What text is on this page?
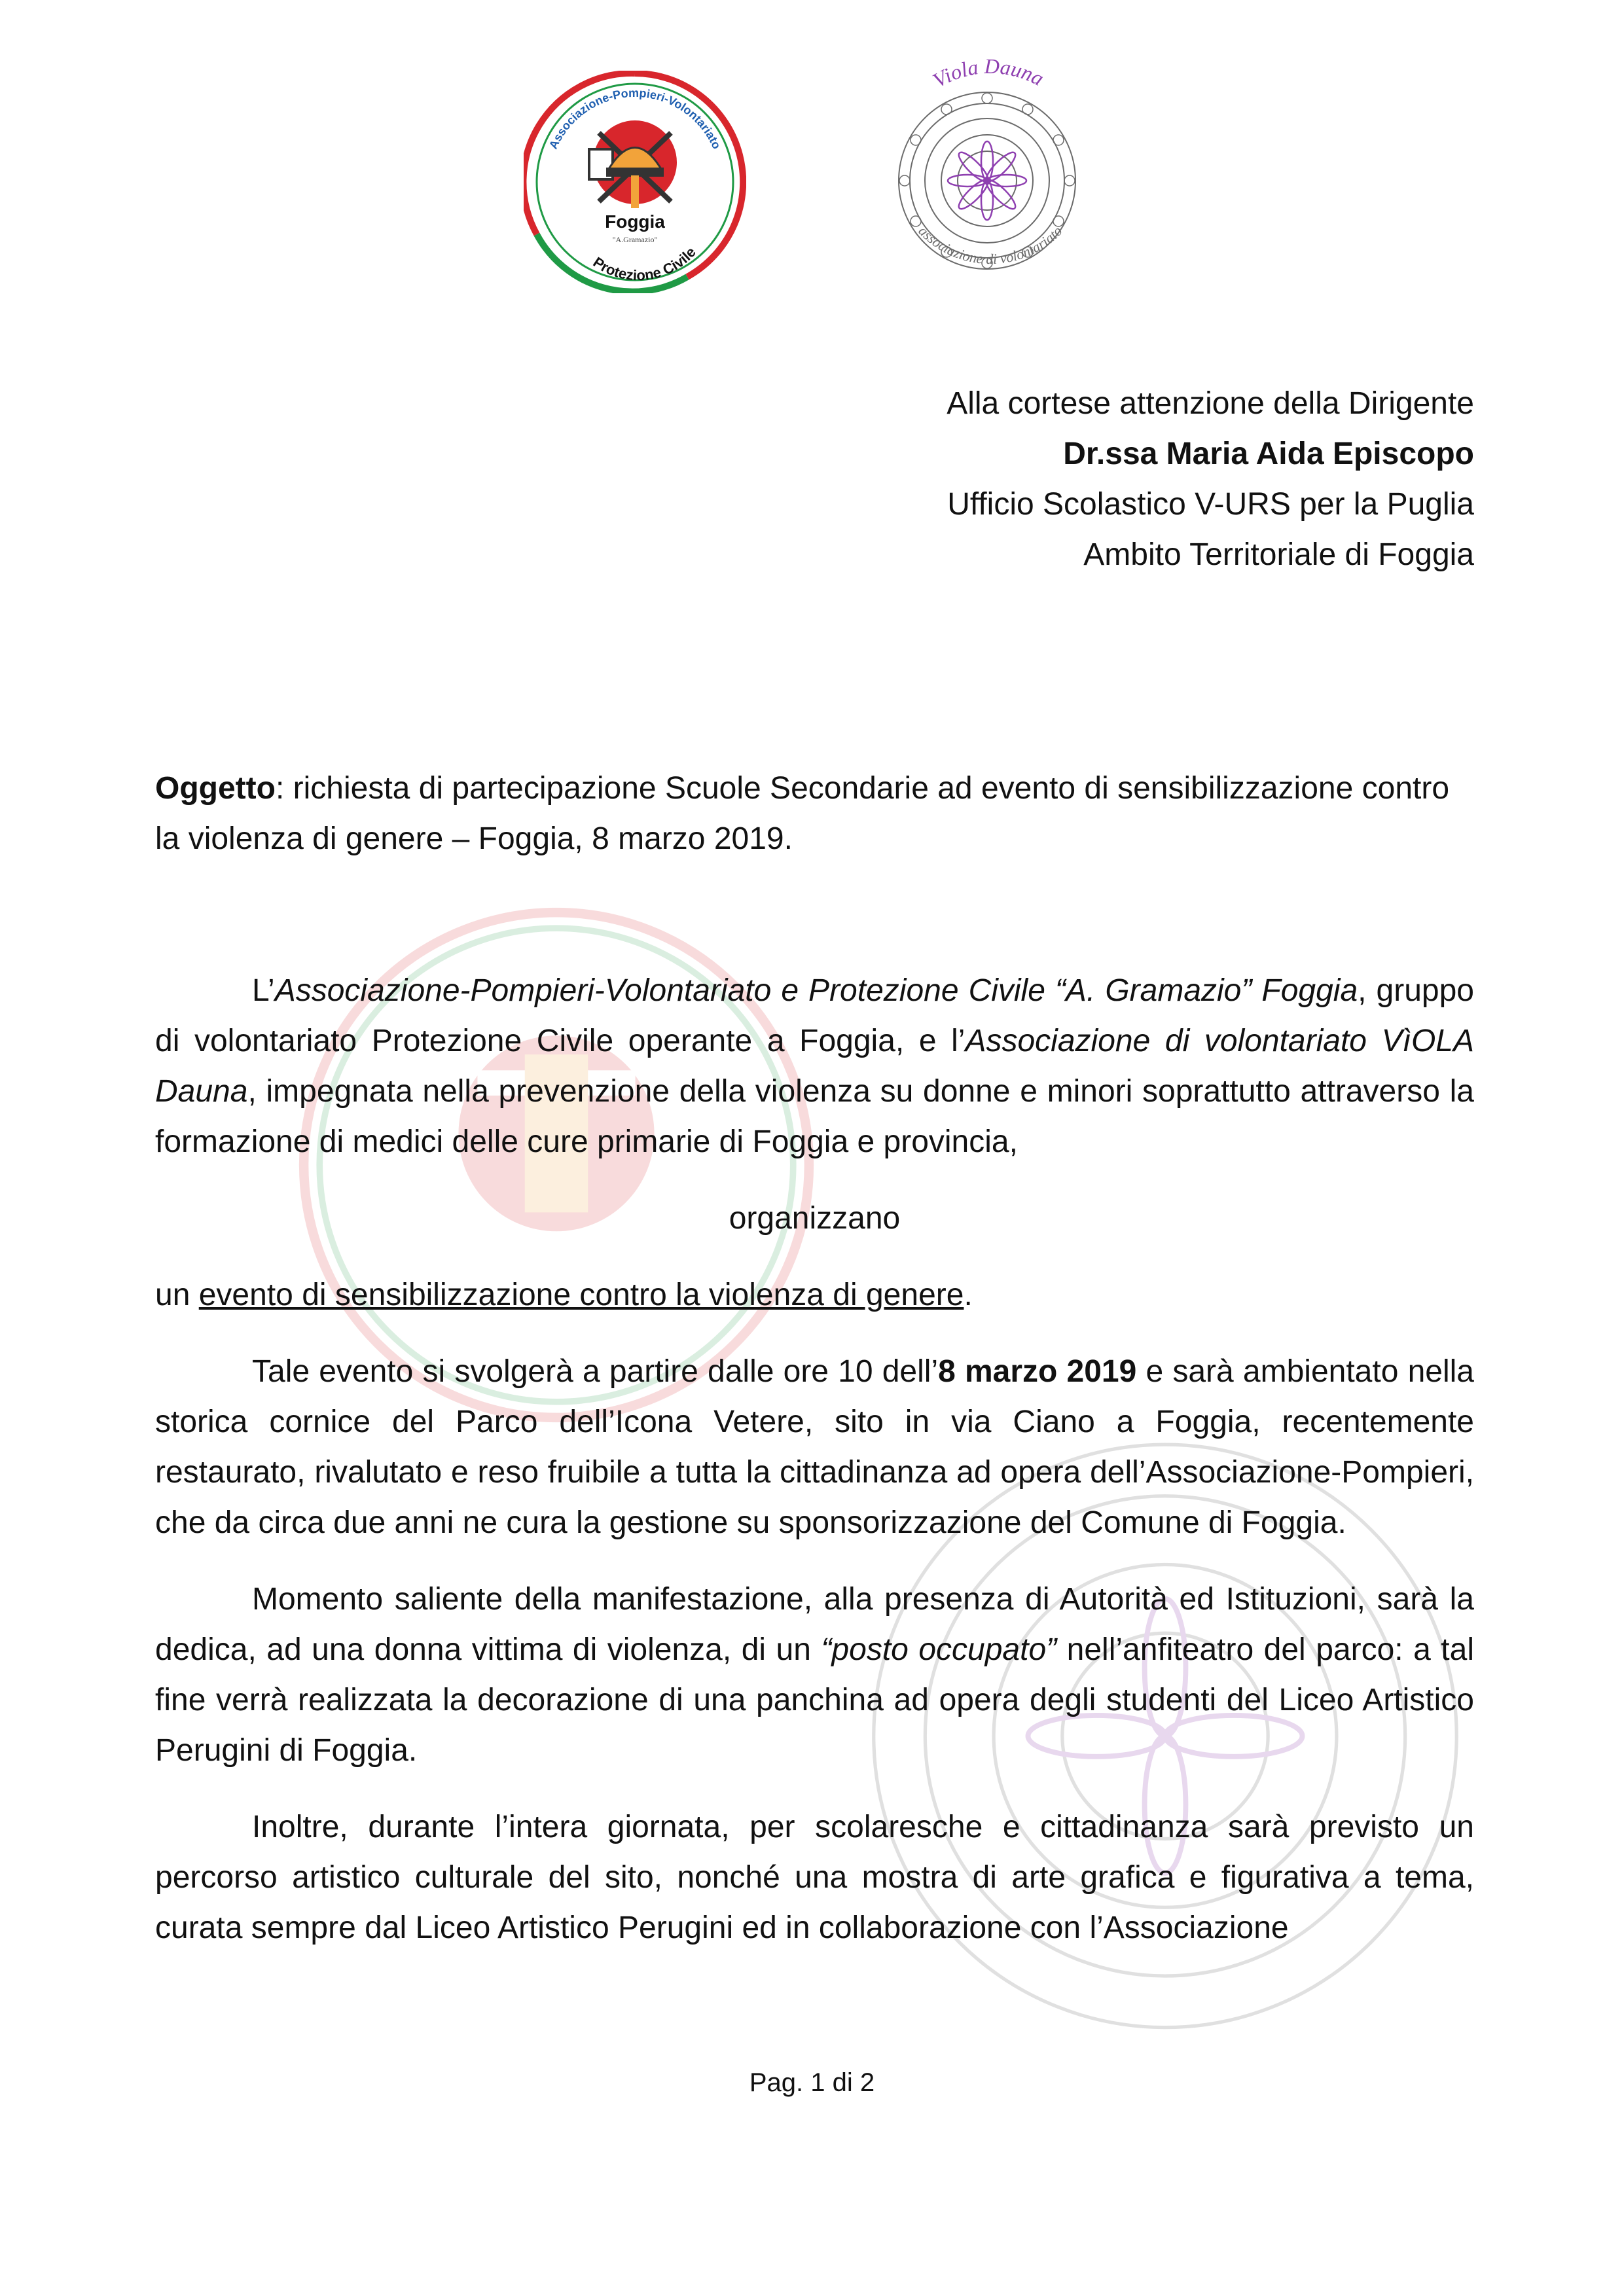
Associazione-Pompieri-Volontariato
Foggia
"A.Gramazio"
Protezione Civile
Viola Dauna
associazione di volontariato
Alla cortese attenzione della Dirigente
Dr.ssa Maria Aida Episcopo
Ufficio Scolastico V-URS per la Puglia
Ambito Territoriale di Foggia
Oggetto: richiesta di partecipazione Scuole Secondarie ad evento di sensibilizzazione contro la violenza di genere – Foggia, 8 marzo 2019.

L’Associazione-Pompieri-Volontariato e Protezione Civile “A. Gramazio” Foggia, gruppo di volontariato Protezione Civile operante a Foggia, e l’Associazione di volontariato VìOLA Dauna, impegnata nella prevenzione della violenza su donne e minori soprattutto attraverso la formazione di medici delle cure primarie di Foggia e provincia,

organizzano

un evento di sensibilizzazione contro la violenza di genere.

Tale evento si svolgerà a partire dalle ore 10 dell’8 marzo 2019 e sarà ambientato nella storica cornice del Parco dell’Icona Vetere, sito in via Ciano a Foggia, recentemente restaurato, rivalutato e reso fruibile a tutta la cittadinanza ad opera dell’Associazione-Pompieri, che da circa due anni ne cura la gestione su sponsorizzazione del Comune di Foggia.

Momento saliente della manifestazione, alla presenza di Autorità ed Istituzioni, sarà la dedica, ad una donna vittima di violenza, di un “posto occupato” nell’anfiteatro del parco: a tal fine verrà realizzata la decorazione di una panchina ad opera degli studenti del Liceo Artistico Perugini di Foggia.

Inoltre, durante l’intera giornata, per scolaresche e cittadinanza sarà previsto un percorso artistico culturale del sito, nonché una mostra di arte grafica e figurativa a tema, curata sempre dal Liceo Artistico Perugini ed in collaborazione con l’Associazione

Pag. 1 di 2
